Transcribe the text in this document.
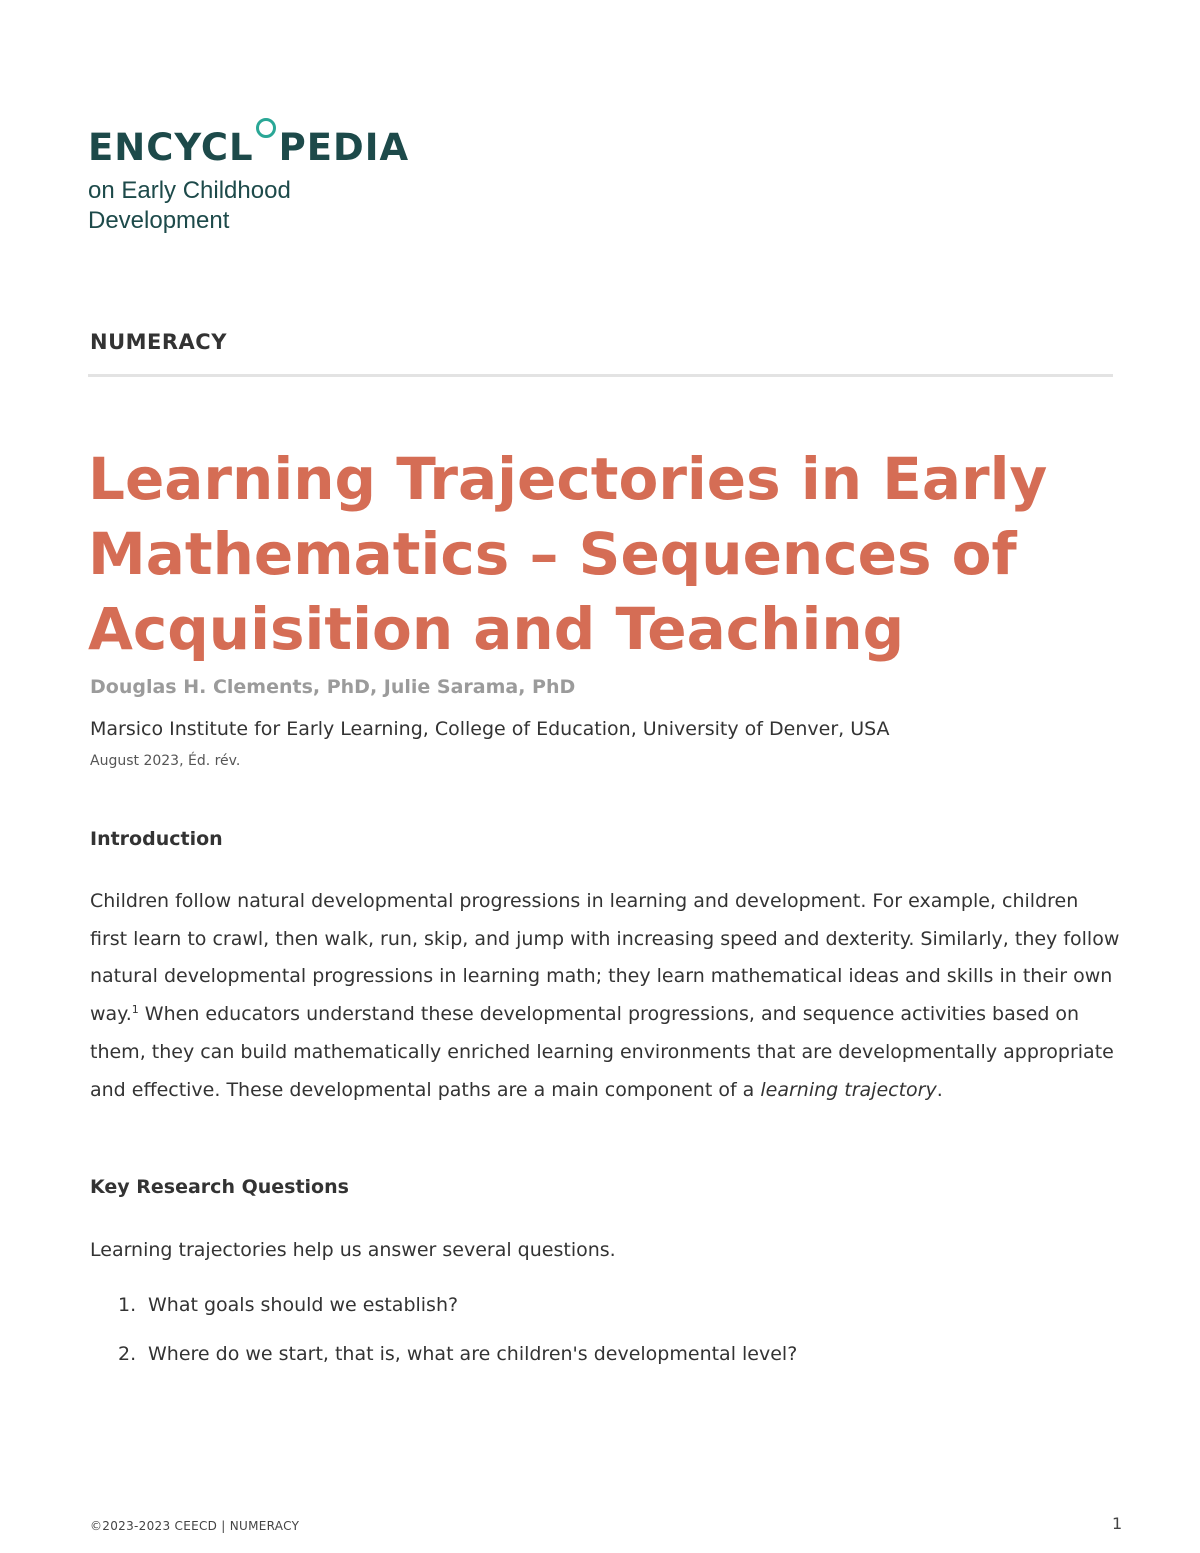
ENCYCL PEDIA
on Early Childhood
Development
NUMERACY
Learning Trajectories in Early Mathematics – Sequences of Acquisition and Teaching
Douglas H. Clements, PhD, Julie Sarama, PhD
Marsico Institute for Early Learning, College of Education, University of Denver, USA
August 2023, Éd. rév.
Introduction

Children follow natural developmental progressions in learning and development. For example, children first learn to crawl, then walk, run, skip, and jump with increasing speed and dexterity. Similarly, they follow natural developmental progressions in learning math; they learn mathematical ideas and skills in their own way.$^1$ When educators understand these developmental progressions, and sequence activities based on them, they can build mathematically enriched learning environments that are developmentally appropriate and effective. These developmental paths are a main component of a learning trajectory.

Key Research Questions
Learning trajectories help us answer several questions.
1. What goals should we establish?
2. Where do we start, that is, what are children's developmental level?
©2023-2023 CEECD | NUMERACY	1
